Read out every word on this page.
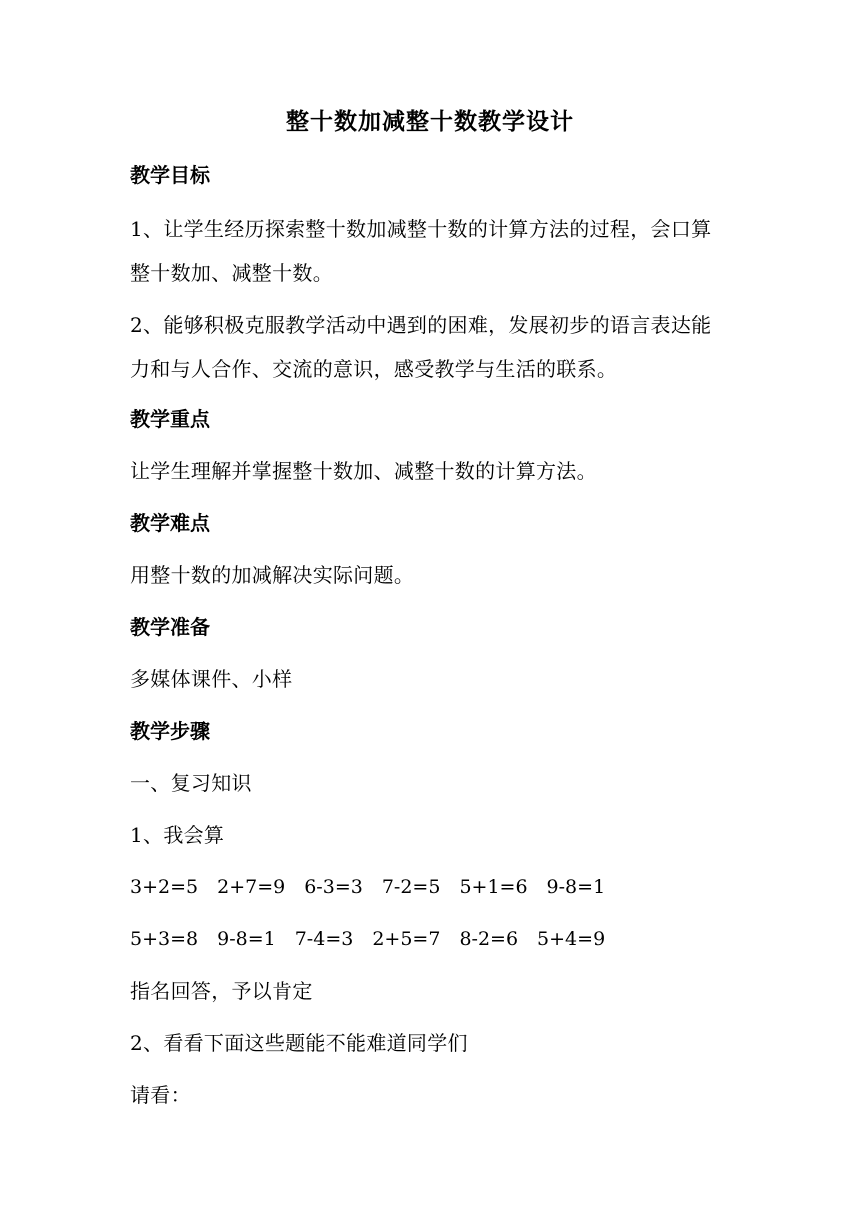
整十数加减整十数教学设计
教学目标
1、让学生经历探索整十数加减整十数的计算方法的过程，会口算整十数加、减整十数。
2、能够积极克服教学活动中遇到的困难，发展初步的语言表达能力和与人合作、交流的意识，感受教学与生活的联系。
教学重点
让学生理解并掌握整十数加、减整十数的计算方法。
教学难点
用整十数的加减解决实际问题。
教学准备
多媒体课件、小样
教学步骤
一、复习知识
1、我会算
3+2=5 2+7=9 6-3=3 7-2=5 5+1=6 9-8=1
5+3=8 9-8=1 7-4=3 2+5=7 8-2=6 5+4=9
指名回答，予以肯定
2、看看下面这些题能不能难道同学们
请看：
